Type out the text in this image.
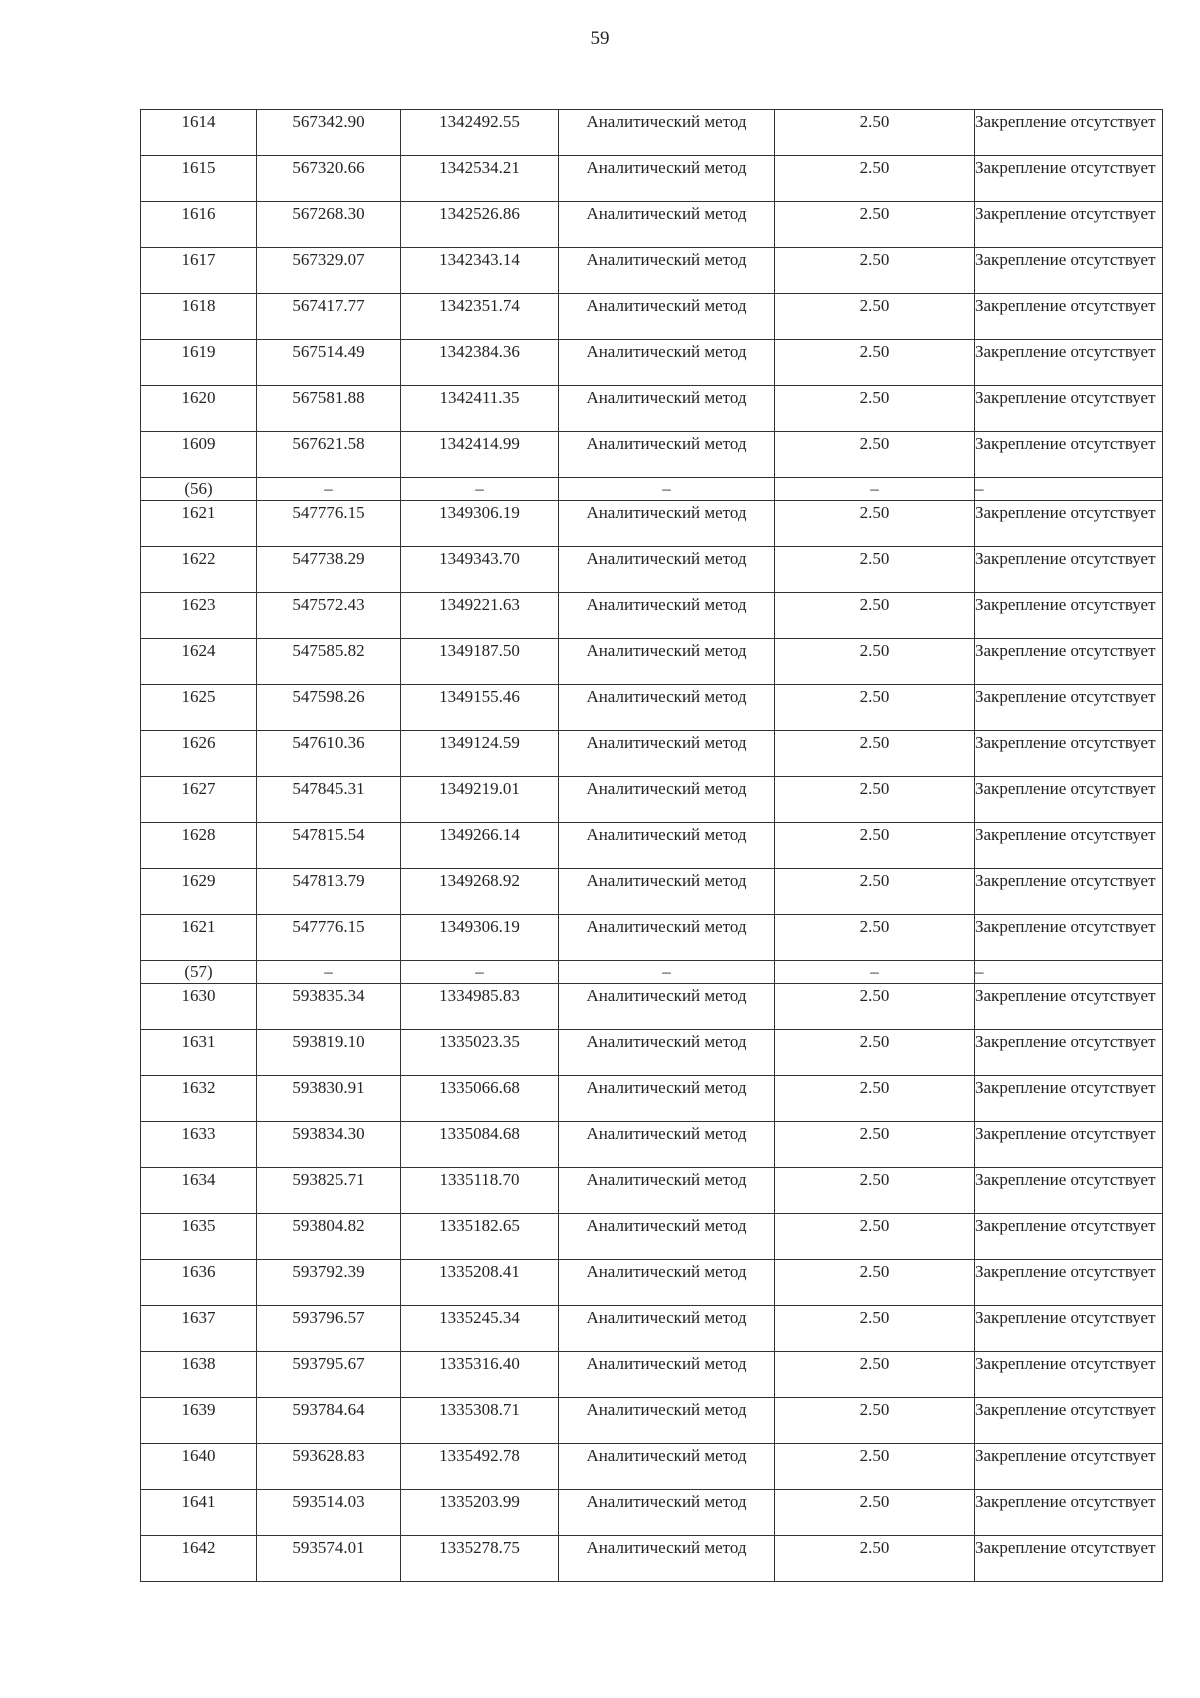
59
1614	567342.90	1342492.55	Аналитический метод	2.50	Закрепление отсутствует
1615	567320.66	1342534.21	Аналитический метод	2.50	Закрепление отсутствует
1616	567268.30	1342526.86	Аналитический метод	2.50	Закрепление отсутствует
1617	567329.07	1342343.14	Аналитический метод	2.50	Закрепление отсутствует
1618	567417.77	1342351.74	Аналитический метод	2.50	Закрепление отсутствует
1619	567514.49	1342384.36	Аналитический метод	2.50	Закрепление отсутствует
1620	567581.88	1342411.35	Аналитический метод	2.50	Закрепление отсутствует
1609	567621.58	1342414.99	Аналитический метод	2.50	Закрепление отсутствует
(56)	–	–	–	–	–
1621	547776.15	1349306.19	Аналитический метод	2.50	Закрепление отсутствует
1622	547738.29	1349343.70	Аналитический метод	2.50	Закрепление отсутствует
1623	547572.43	1349221.63	Аналитический метод	2.50	Закрепление отсутствует
1624	547585.82	1349187.50	Аналитический метод	2.50	Закрепление отсутствует
1625	547598.26	1349155.46	Аналитический метод	2.50	Закрепление отсутствует
1626	547610.36	1349124.59	Аналитический метод	2.50	Закрепление отсутствует
1627	547845.31	1349219.01	Аналитический метод	2.50	Закрепление отсутствует
1628	547815.54	1349266.14	Аналитический метод	2.50	Закрепление отсутствует
1629	547813.79	1349268.92	Аналитический метод	2.50	Закрепление отсутствует
1621	547776.15	1349306.19	Аналитический метод	2.50	Закрепление отсутствует
(57)	–	–	–	–	–
1630	593835.34	1334985.83	Аналитический метод	2.50	Закрепление отсутствует
1631	593819.10	1335023.35	Аналитический метод	2.50	Закрепление отсутствует
1632	593830.91	1335066.68	Аналитический метод	2.50	Закрепление отсутствует
1633	593834.30	1335084.68	Аналитический метод	2.50	Закрепление отсутствует
1634	593825.71	1335118.70	Аналитический метод	2.50	Закрепление отсутствует
1635	593804.82	1335182.65	Аналитический метод	2.50	Закрепление отсутствует
1636	593792.39	1335208.41	Аналитический метод	2.50	Закрепление отсутствует
1637	593796.57	1335245.34	Аналитический метод	2.50	Закрепление отсутствует
1638	593795.67	1335316.40	Аналитический метод	2.50	Закрепление отсутствует
1639	593784.64	1335308.71	Аналитический метод	2.50	Закрепление отсутствует
1640	593628.83	1335492.78	Аналитический метод	2.50	Закрепление отсутствует
1641	593514.03	1335203.99	Аналитический метод	2.50	Закрепление отсутствует
1642	593574.01	1335278.75	Аналитический метод	2.50	Закрепление отсутствует
